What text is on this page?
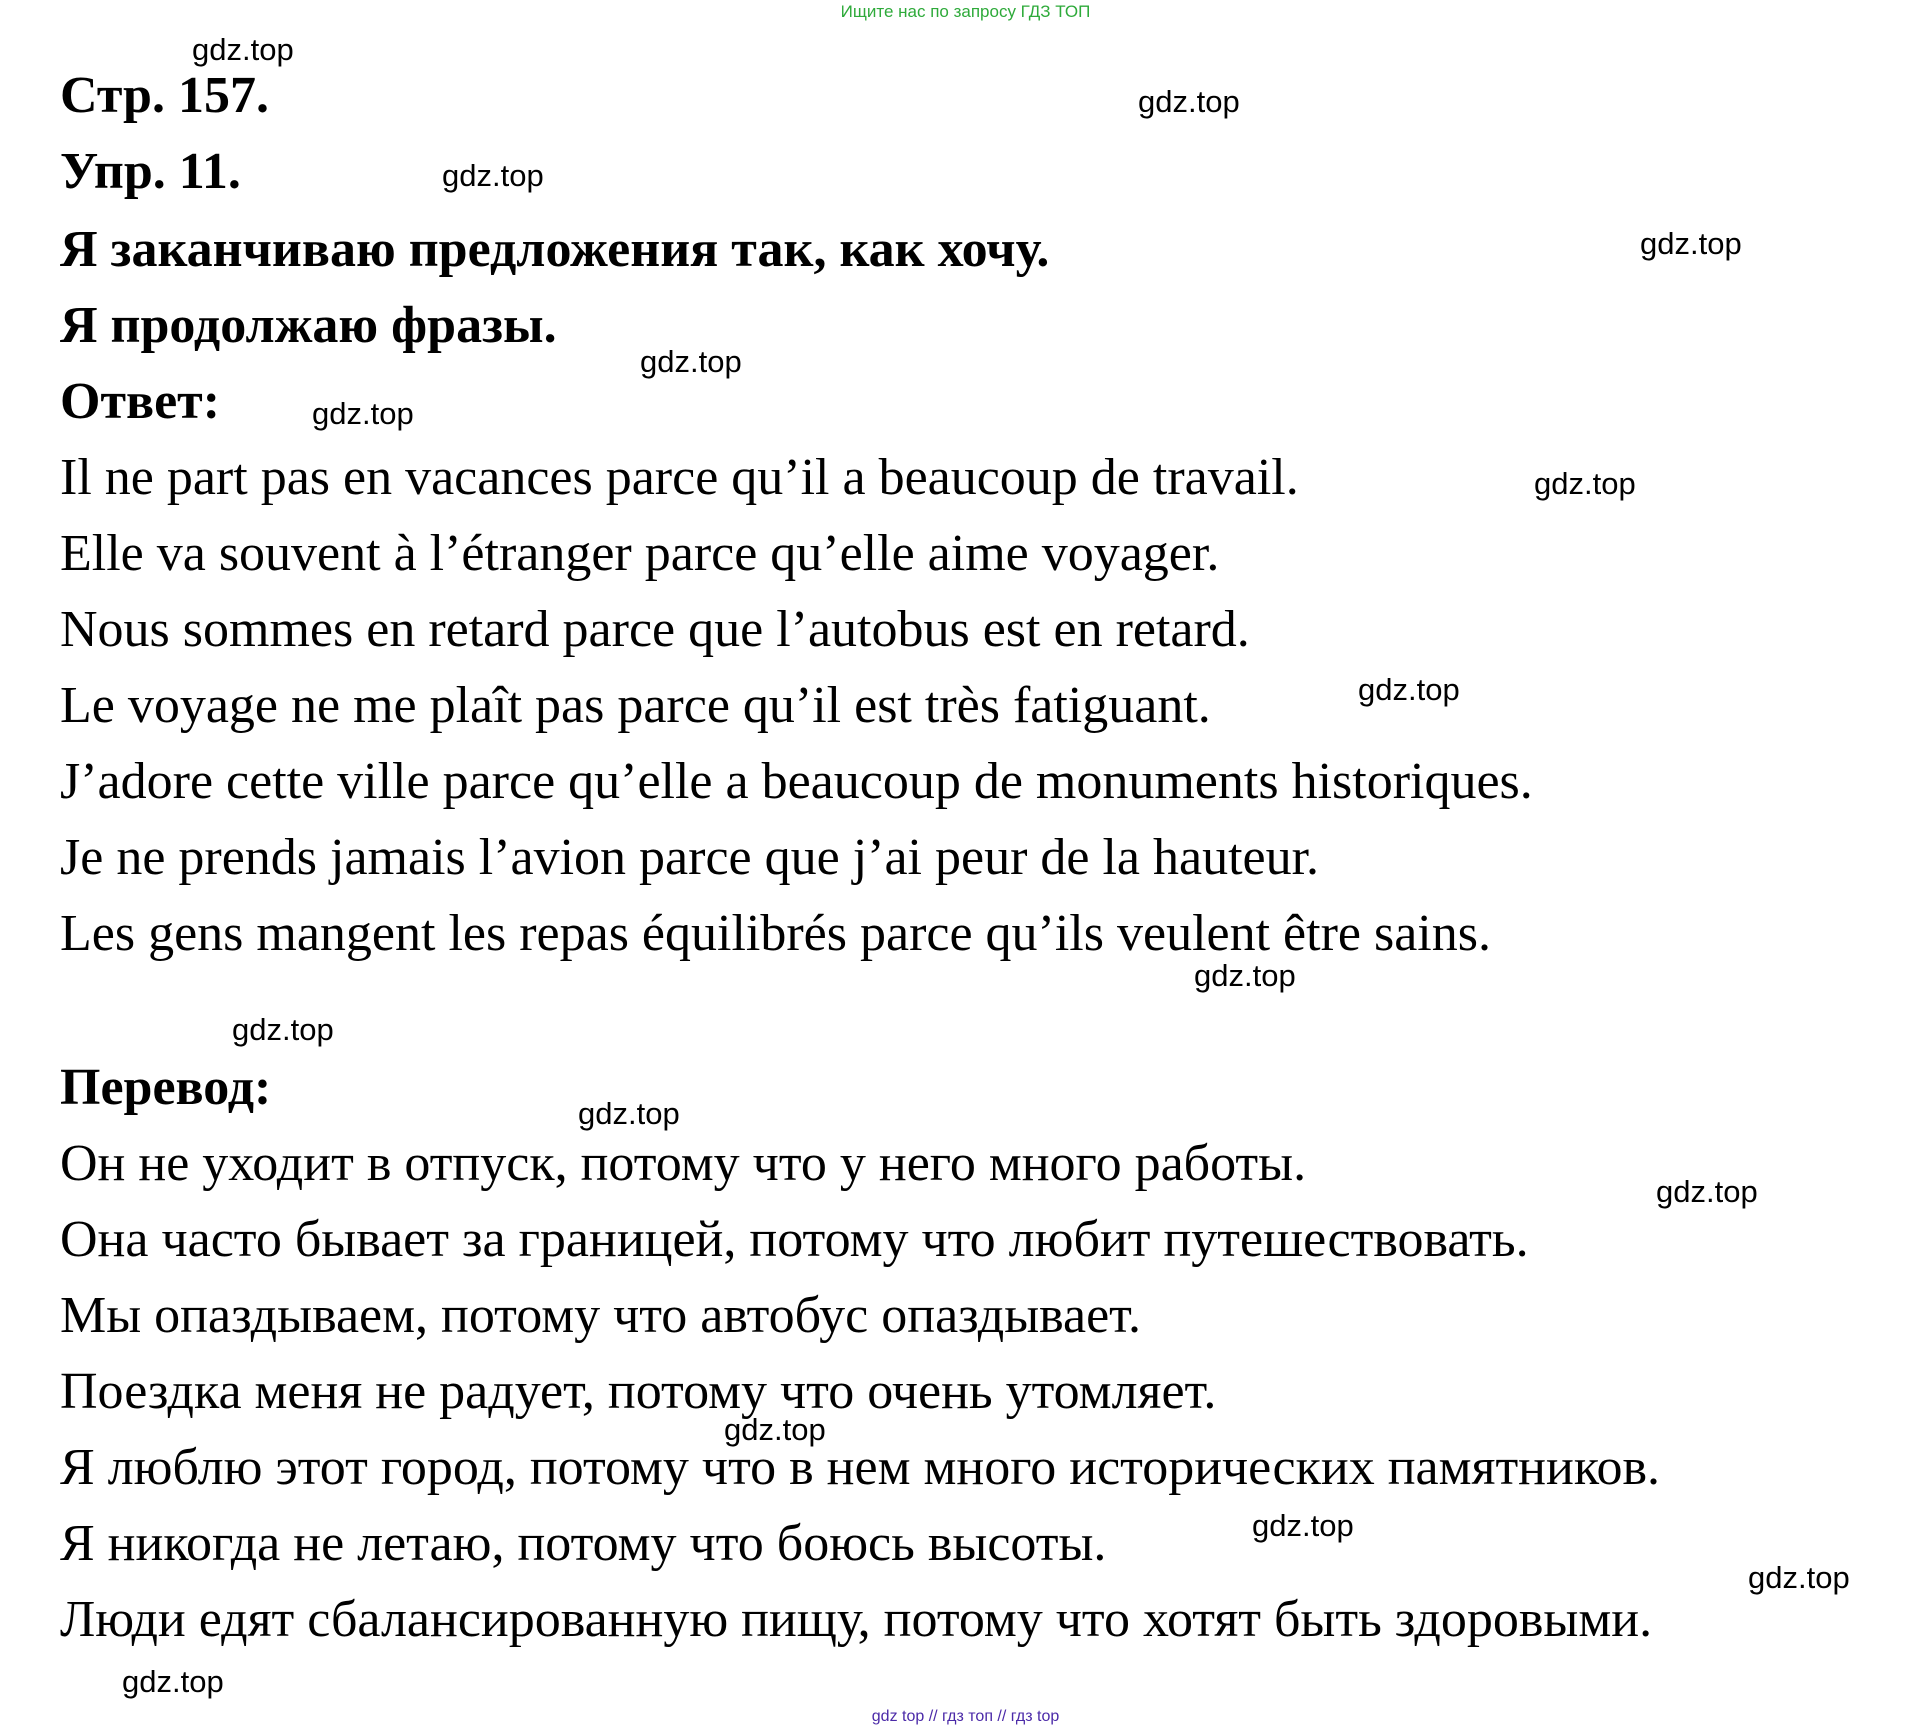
Ищите нас по запросу ГДЗ ТОП
Стр. 157.
Упр. 11.
Я заканчиваю предложения так, как хочу.
Я продолжаю фразы.
Ответ:
Il ne part pas en vacances parce qu’il a beaucoup de travail.
Elle va souvent à l’étranger parce qu’elle aime voyager.
Nous sommes en retard parce que l’autobus est en retard.
Le voyage ne me plaît pas parce qu’il est très fatiguant.
J’adore cette ville parce qu’elle a beaucoup de monuments historiques.
Je ne prends jamais l’avion parce que j’ai peur de la hauteur.
Les gens mangent les repas équilibrés parce qu’ils veulent être sains.
Перевод:
Он не уходит в отпуск, потому что у него много работы.
Она часто бывает за границей, потому что любит путешествовать.
Мы опаздываем, потому что автобус опаздывает.
Поездка меня не радует, потому что очень утомляет.
Я люблю этот город, потому что в нем много исторических памятников.
Я никогда не летаю, потому что боюсь высоты.
Люди едят сбалансированную пищу, потому что хотят быть здоровыми.
gdz.top
gdz.top
gdz.top
gdz.top
gdz.top
gdz.top
gdz.top
gdz.top
gdz.top
gdz.top
gdz.top
gdz.top
gdz.top
gdz.top
gdz.top
gdz.top
gdz top // гдз топ // гдз top
